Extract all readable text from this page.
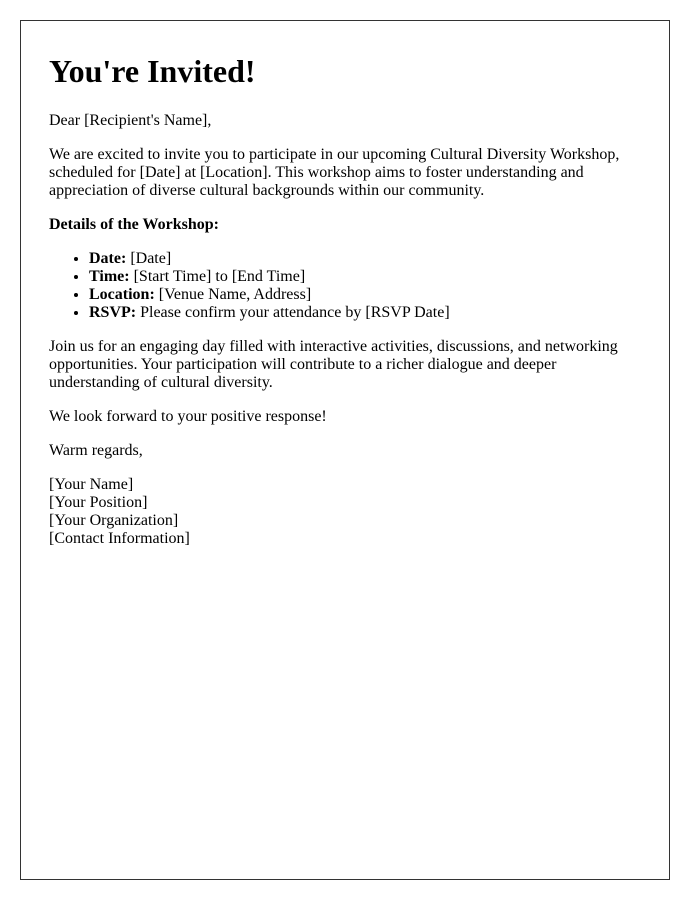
You're Invited!

Dear [Recipient's Name],

We are excited to invite you to participate in our upcoming Cultural Diversity Workshop, scheduled for [Date] at [Location]. This workshop aims to foster understanding and appreciation of diverse cultural backgrounds within our community.

Details of the Workshop:

• Date: [Date]
• Time: [Start Time] to [End Time]
• Location: [Venue Name, Address]
• RSVP: Please confirm your attendance by [RSVP Date]

Join us for an engaging day filled with interactive activities, discussions, and networking opportunities. Your participation will contribute to a richer dialogue and deeper understanding of cultural diversity.

We look forward to your positive response!

Warm regards,

[Your Name]
[Your Position]
[Your Organization]
[Contact Information]
